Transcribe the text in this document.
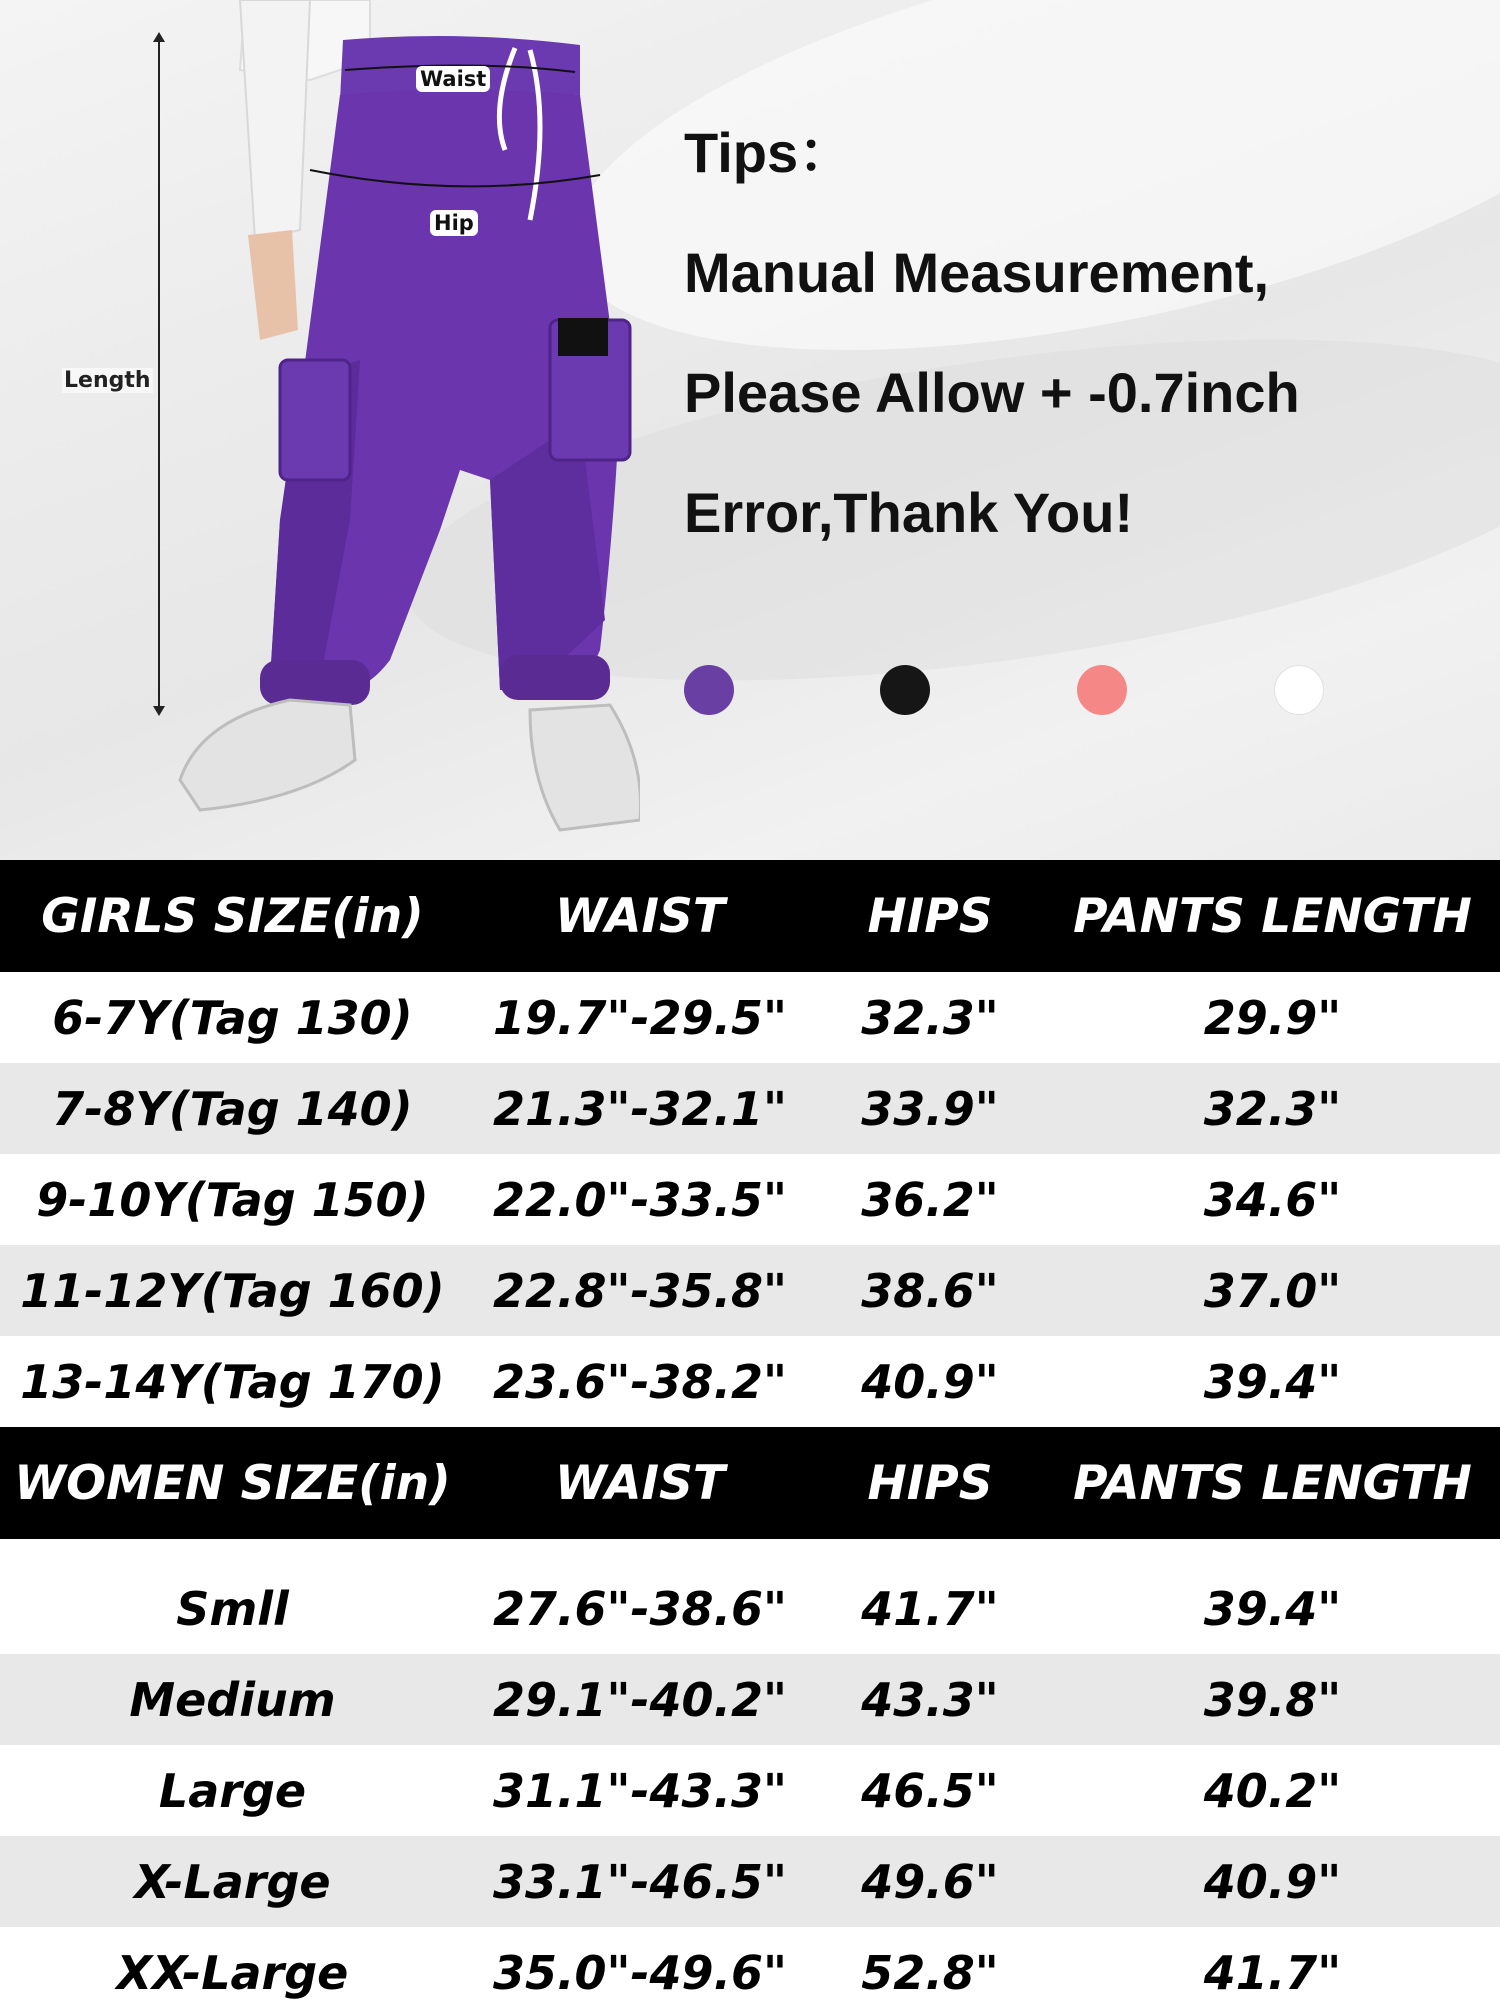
Length
Waist
Hip
Tips：
Manual Measurement,
Please Allow + -0.7inch
Error,Thank You!
GIRLS SIZE(in)	WAIST	HIPS	PANTS LENGTH
6-7Y(Tag 130)	19.7"-29.5"	32.3"	29.9"
7-8Y(Tag 140)	21.3"-32.1"	33.9"	32.3"
9-10Y(Tag 150)	22.0"-33.5"	36.2"	34.6"
11-12Y(Tag 160)	22.8"-35.8"	38.6"	37.0"
13-14Y(Tag 170)	23.6"-38.2"	40.9"	39.4"
WOMEN SIZE(in)	WAIST	HIPS	PANTS LENGTH
Smll	27.6"-38.6"	41.7"	39.4"
Medium	29.1"-40.2"	43.3"	39.8"
Large	31.1"-43.3"	46.5"	40.2"
X-Large	33.1"-46.5"	49.6"	40.9"
XX-Large	35.0"-49.6"	52.8"	41.7"
